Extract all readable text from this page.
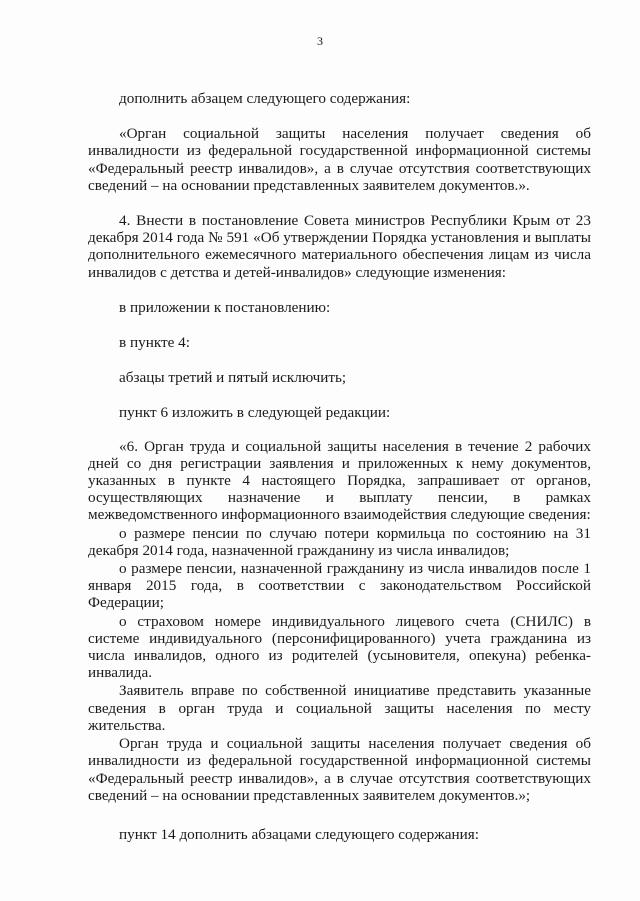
3

дополнить абзацем следующего содержания:

«Орган социальной защиты населения получает сведения об инвалидности из федеральной государственной информационной системы «Федеральный реестр инвалидов», а в случае отсутствия соответствующих сведений – на основании представленных заявителем документов.».

4. Внести в постановление Совета министров Республики Крым от 23 декабря 2014 года № 591 «Об утверждении Порядка установления и выплаты дополнительного ежемесячного материального обеспечения лицам из числа инвалидов с детства и детей-инвалидов» следующие изменения:

в приложении к постановлению:

в пункте 4:

абзацы третий и пятый исключить;

пункт 6 изложить в следующей редакции:

«6. Орган труда и социальной защиты населения в течение 2 рабочих дней со дня регистрации заявления и приложенных к нему документов, указанных в пункте 4 настоящего Порядка, запрашивает от органов, осуществляющих назначение и выплату пенсии, в рамках межведомственного информационного взаимодействия следующие сведения:

о размере пенсии по случаю потери кормильца по состоянию на 31 декабря 2014 года, назначенной гражданину из числа инвалидов;

о размере пенсии, назначенной гражданину из числа инвалидов после 1 января 2015 года, в соответствии с законодательством Российской Федерации;

о страховом номере индивидуального лицевого счета (СНИЛС) в системе индивидуального (персонифицированного) учета гражданина из числа инвалидов, одного из родителей (усыновителя, опекуна) ребенка-инвалида.

Заявитель вправе по собственной инициативе представить указанные сведения в орган труда и социальной защиты населения по месту жительства.

Орган труда и социальной защиты населения получает сведения об инвалидности из федеральной государственной информационной системы «Федеральный реестр инвалидов», а в случае отсутствия соответствующих сведений – на основании представленных заявителем документов.»;

пункт 14 дополнить абзацами следующего содержания:
